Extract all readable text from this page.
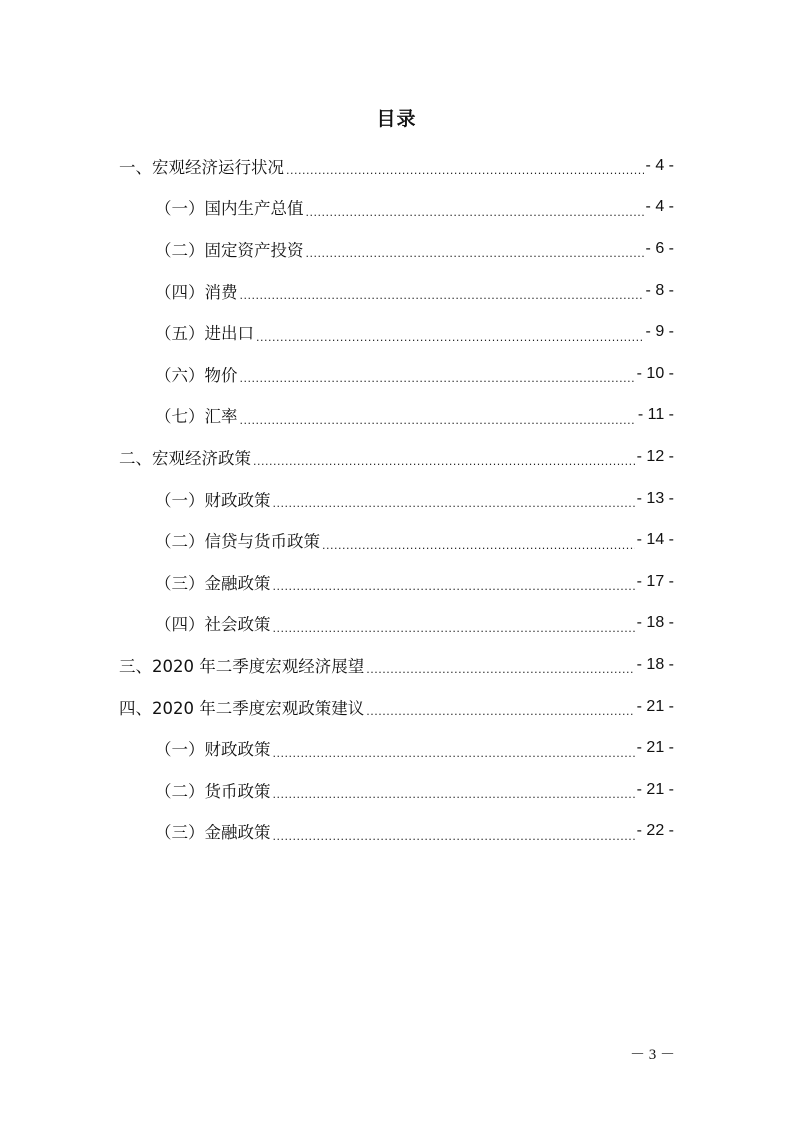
目录
一、宏观经济运行状况 .....	- 4 -
（一）国内生产总值 .....	- 4 -
（二）固定资产投资 .....	- 6 -
（四）消费 .....	- 8 -
（五）进出口 .....	- 9 -
（六）物价 .....	- 10 -
（七）汇率 .....	- 11 -
二、宏观经济政策 .....	- 12 -
（一）财政政策 .....	- 13 -
（二）信贷与货币政策 .....	- 14 -
（三）金融政策 .....	- 17 -
（四）社会政策 .....	- 18 -
三、2020 年二季度宏观经济展望 .....	- 18 -
四、2020 年二季度宏观政策建议 .....	- 21 -
（一）财政政策 .....	- 21 -
（二）货币政策 .....	- 21 -
（三）金融政策 .....	- 22 -
－ 3 －
